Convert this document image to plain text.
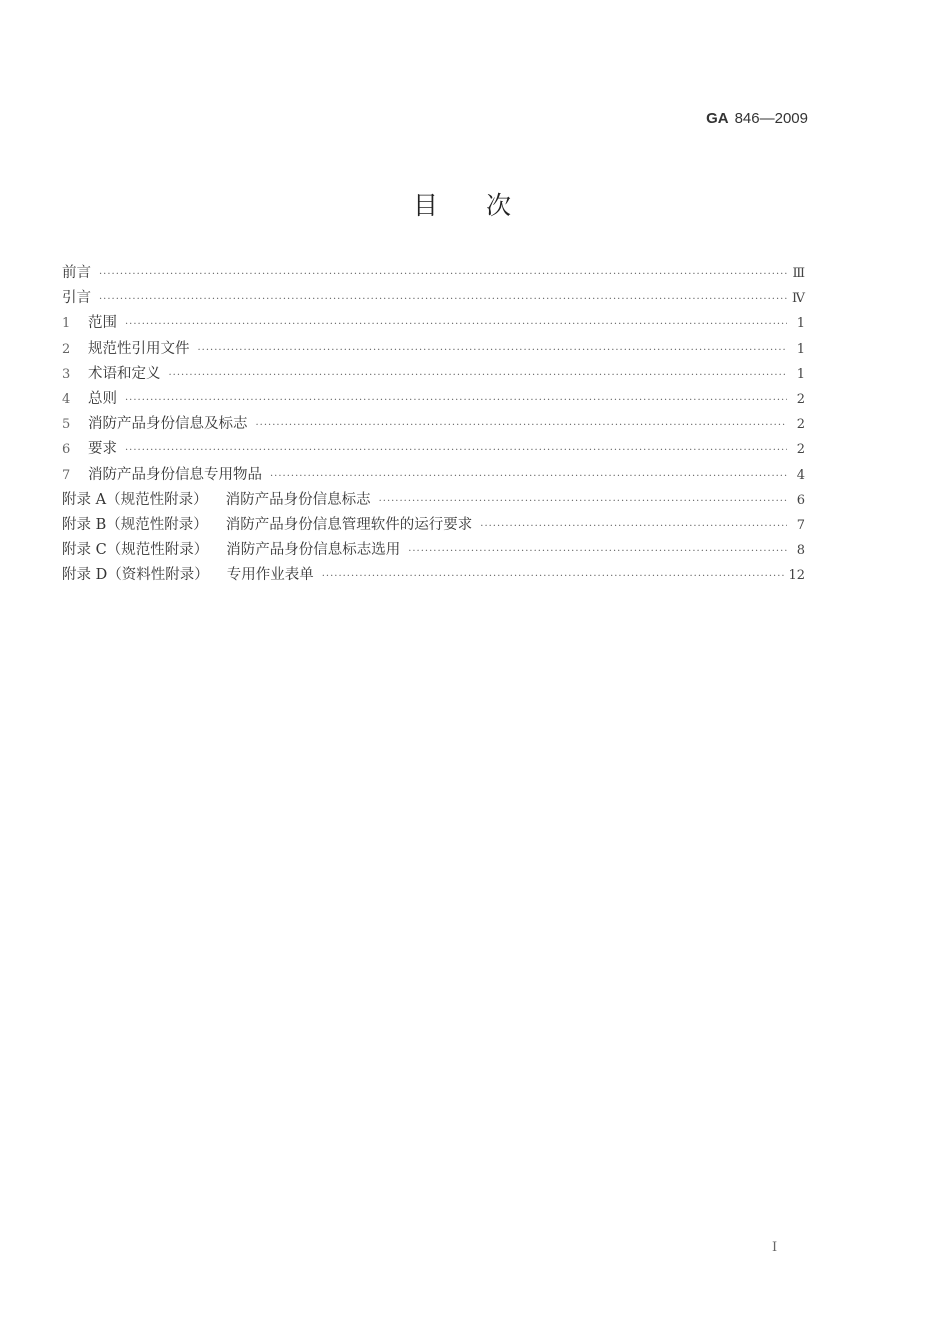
GA 846—2009
目次
前言 ·····	Ⅲ
引言 ·····	Ⅳ
1	范围 ·····	1
2	规范性引用文件 ·····	1
3	术语和定义 ·····	1
4	总则 ·····	2
5	消防产品身份信息及标志 ·····	2
6	要求 ·····	2
7	消防产品身份信息专用物品 ·····	4
附录 A（规范性附录） 消防产品身份信息标志 ·····	6
附录 B（规范性附录） 消防产品身份信息管理软件的运行要求 ·····	7
附录 C（规范性附录） 消防产品身份信息标志选用 ·····	8
附录 D（资料性附录） 专用作业表单 ·····	12
I
